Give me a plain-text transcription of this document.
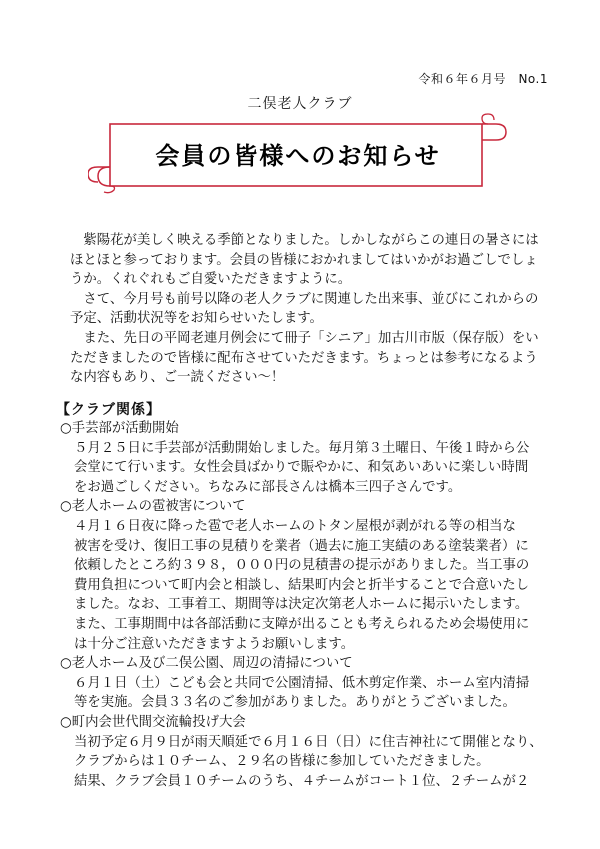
令和６年６月号　No.1
二俣老人クラブ
会員の皆様へのお知らせ
　紫陽花が美しく映える季節となりました。しかしながらこの連日の暑さには
ほとほと参っております。会員の皆様におかれましてはいかがお過ごしでしょ
うか。くれぐれもご自愛いただきますように。
　さて、今月号も前号以降の老人クラブに関連した出来事、並びにこれからの
予定、活動状況等をお知らせいたします。
　また、先日の平岡老連月例会にて冊子「シニア」加古川市版（保存版）をい
ただきましたので皆様に配布させていただきます。ちょっとは参考になるよう
な内容もあり、ご一読ください～！
【クラブ関係】
○手芸部が活動開始
５月２５日に手芸部が活動開始しました。毎月第３土曜日、午後１時から公
会堂にて行います。女性会員ばかりで賑やかに、和気あいあいに楽しい時間
をお過ごしください。ちなみに部長さんは橋本三四子さんです。
○老人ホームの雹被害について
４月１６日夜に降った雹で老人ホームのトタン屋根が剥がれる等の相当な
被害を受け、復旧工事の見積りを業者（過去に施工実績のある塗装業者）に
依頼したところ約３９８，０００円の見積書の提示がありました。当工事の
費用負担について町内会と相談し、結果町内会と折半することで合意いたし
ました。なお、工事着工、期間等は決定次第老人ホームに掲示いたします。
また、工事期間中は各部活動に支障が出ることも考えられるため会場使用に
は十分ご注意いただきますようお願いします。
○老人ホーム及び二俣公園、周辺の清掃について
６月１日（土）こども会と共同で公園清掃、低木剪定作業、ホーム室内清掃
等を実施。会員３３名のご参加がありました。ありがとうございました。
○町内会世代間交流輪投げ大会
当初予定６月９日が雨天順延で６月１６日（日）に住吉神社にて開催となり、
クラブからは１０チーム、２９名の皆様に参加していただきました。
結果、クラブ会員１０チームのうち、４チームがコート１位、２チームが２
